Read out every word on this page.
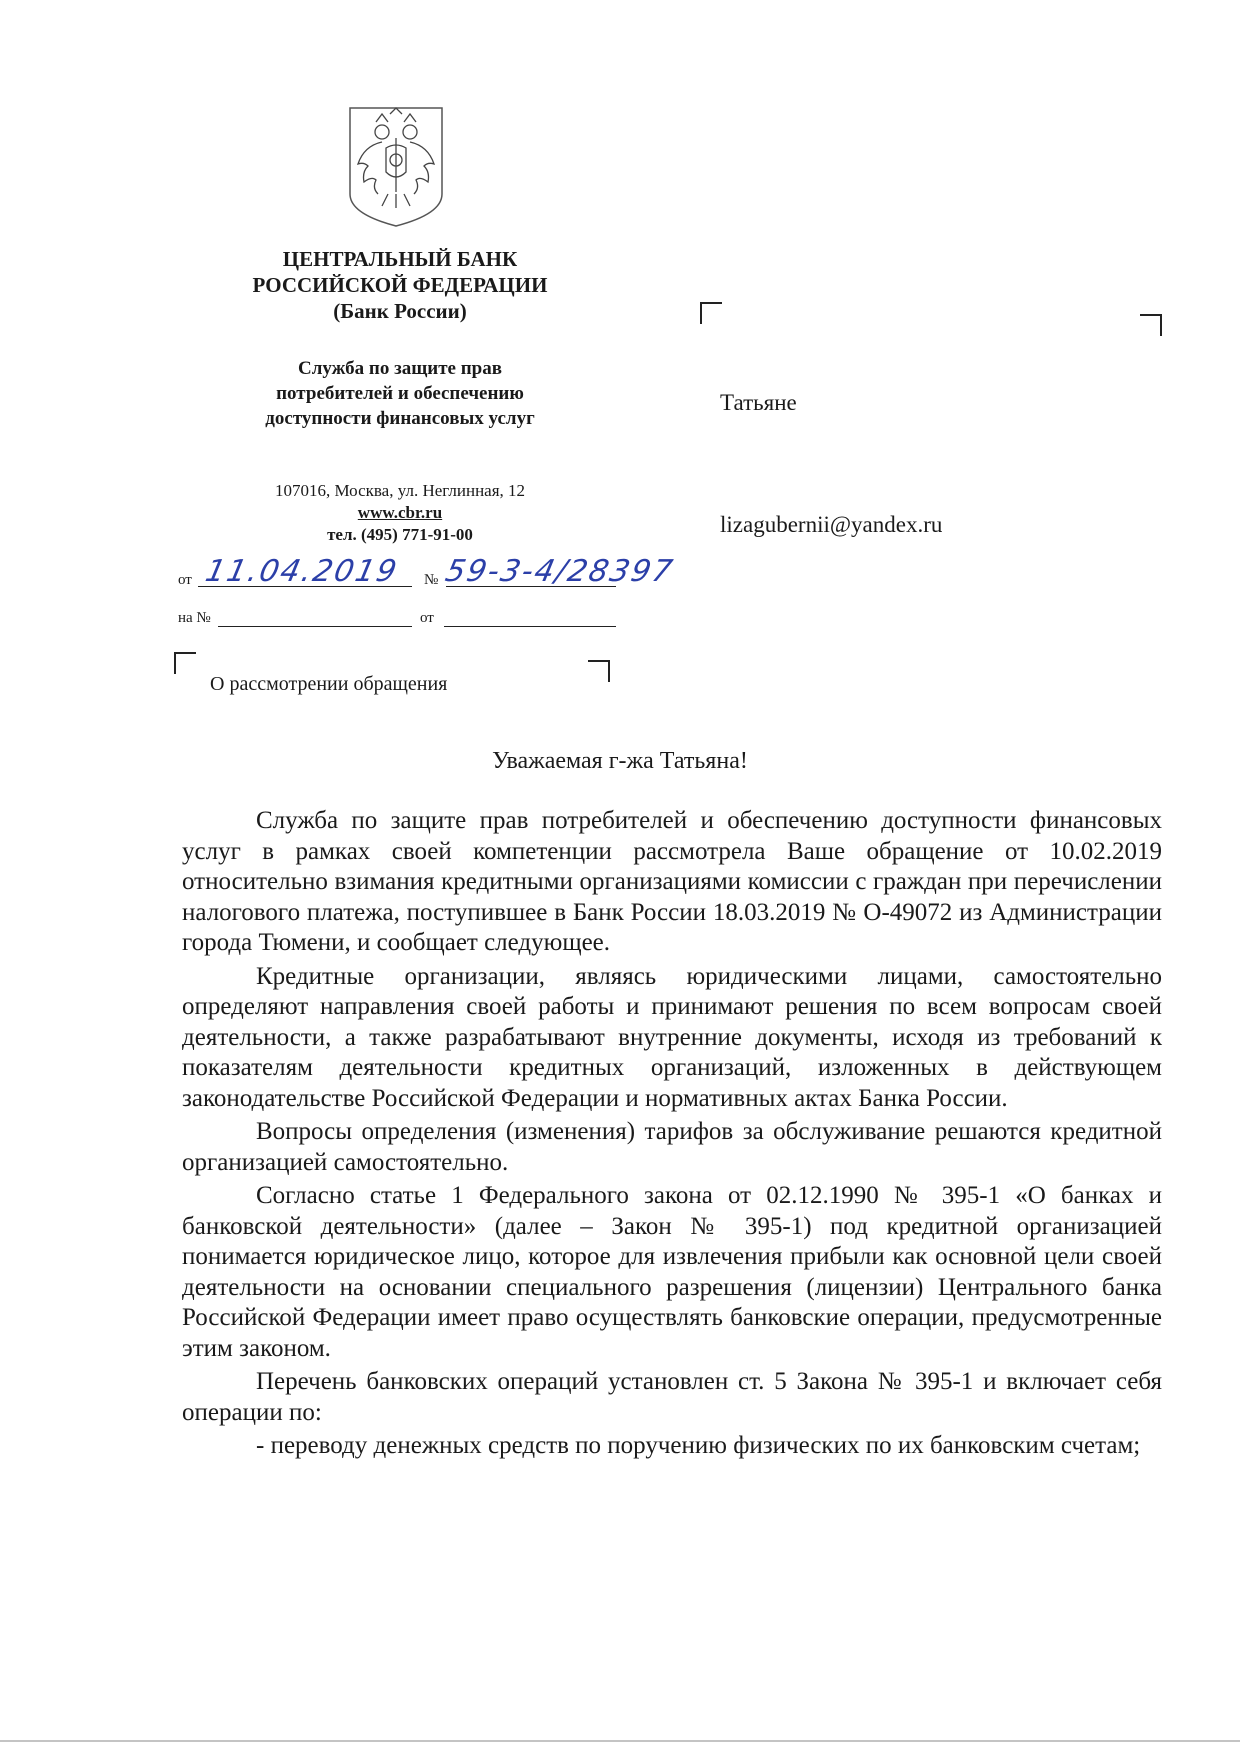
ЦЕНТРАЛЬНЫЙ БАНК
РОССИЙСКОЙ ФЕДЕРАЦИИ
(Банк России)
Служба по защите прав
потребителей и обеспечению
доступности финансовых услуг
107016, Москва, ул. Неглинная, 12
www.cbr.ru
тел. (495) 771-91-00
от 11.04.2019 № 59-3-4/28397
на №	от
О рассмотрении обращения
Татьяне
lizagubernii@yandex.ru
Уважаемая г-жа Татьяна!

Служба по защите прав потребителей и обеспечению доступности финансовых услуг в рамках своей компетенции рассмотрела Ваше обращение от 10.02.2019 относительно взимания кредитными организациями комиссии с граждан при перечислении налогового платежа, поступившее в Банк России 18.03.2019 № О-49072 из Администрации города Тюмени, и сообщает следующее.

Кредитные организации, являясь юридическими лицами, самостоятельно определяют направления своей работы и принимают решения по всем вопросам своей деятельности, а также разрабатывают внутренние документы, исходя из требований к показателям деятельности кредитных организаций, изложенных в действующем законодательстве Российской Федерации и нормативных актах Банка России.

Вопросы определения (изменения) тарифов за обслуживание решаются кредитной организацией самостоятельно.

Согласно статье 1 Федерального закона от 02.12.1990 № 395-1 «О банках и банковской деятельности» (далее – Закон № 395-1) под кредитной организацией понимается юридическое лицо, которое для извлечения прибыли как основной цели своей деятельности на основании специального разрешения (лицензии) Центрального банка Российской Федерации имеет право осуществлять банковские операции, предусмотренные этим законом.

Перечень банковских операций установлен ст. 5 Закона № 395-1 и включает себя операции по:

- переводу денежных средств по поручению физических по их банковским счетам;
